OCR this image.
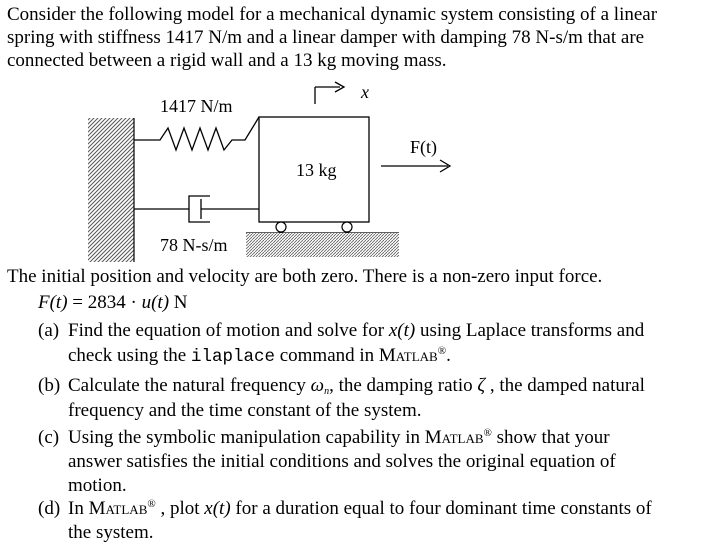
Consider the following model for a mechanical dynamic system consisting of a linear
spring with stiffness 1417 N/m and a linear damper with damping 78 N-s/m that are
connected between a rigid wall and a 13 kg moving mass.
1417 N/m
78 N-s/m
13 kg
x
F(t)
The initial position and velocity are both zero. There is a non-zero input force.
F(t) = 2834 · u(t) N
(a) Find the equation of motion and solve for x(t) using Laplace transforms and
check using the ilaplace command in Matlab®.
(b) Calculate the natural frequency $\omega_n$, the damping ratio ζ , the damped natural
frequency and the time constant of the system.
(c) Using the symbolic manipulation capability in Matlab® show that your
answer satisfies the initial conditions and solves the original equation of
motion.
(d) In Matlab® , plot x(t) for a duration equal to four dominant time constants of
the system.
